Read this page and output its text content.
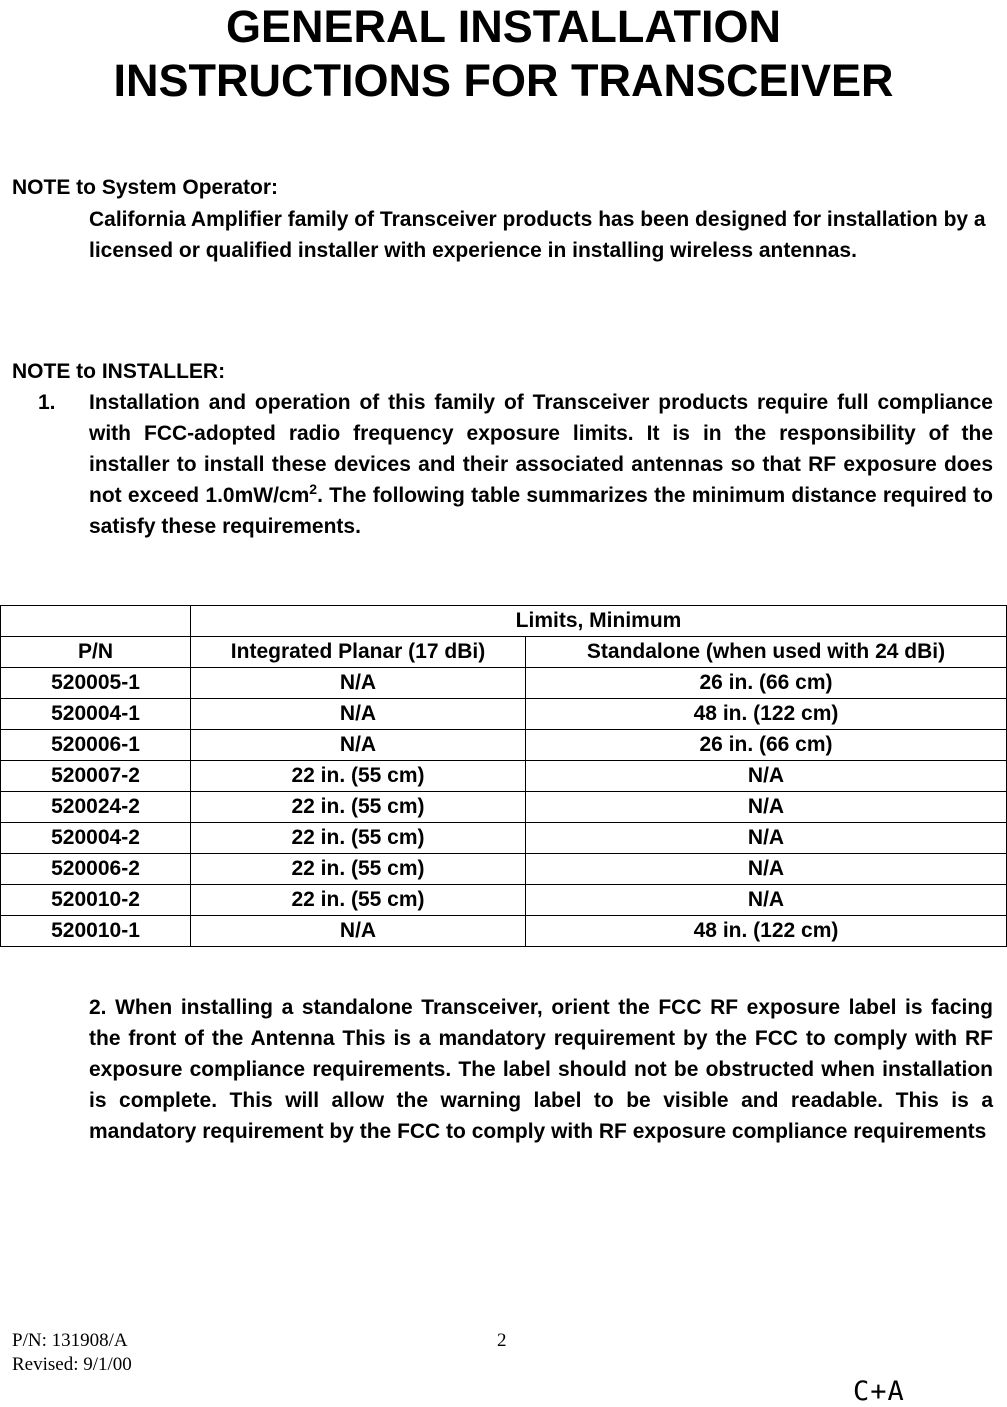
GENERAL INSTALLATION
INSTRUCTIONS FOR TRANSCEIVER

NOTE to System Operator:

California Amplifier family of Transceiver products has been designed for installation by a licensed or qualified installer with experience in installing wireless antennas.

NOTE to INSTALLER:

1. Installation and operation of this family of Transceiver products require full compliance with FCC-adopted radio frequency exposure limits. It is in the responsibility of the installer to install these devices and their associated antennas so that RF exposure does not exceed $1.0mW/cm^2$. The following table summarizes the minimum distance required to satisfy these requirements.
	Limits, Minimum	
P/N	Integrated Planar (17 dBi)	Standalone (when used with 24 dBi)
520005-1	N/A	26 in. (66 cm)
520004-1	N/A	48 in. (122 cm)
520006-1	N/A	26 in. (66 cm)
520007-2	22 in. (55 cm)	N/A
520024-2	22 in. (55 cm)	N/A
520004-2	22 in. (55 cm)	N/A
520006-2	22 in. (55 cm)	N/A
520010-2	22 in. (55 cm)	N/A
520010-1	N/A	48 in. (122 cm)
2. When installing a standalone Transceiver, orient the FCC RF exposure label is facing the front of the Antenna This is a mandatory requirement by the FCC to comply with RF exposure compliance requirements. The label should not be obstructed when installation is complete. This will allow the warning label to be visible and readable. This is a mandatory requirement by the FCC to comply with RF exposure compliance requirements
P/N: 131908/A
Revised: 9/1/00
2
C+A
